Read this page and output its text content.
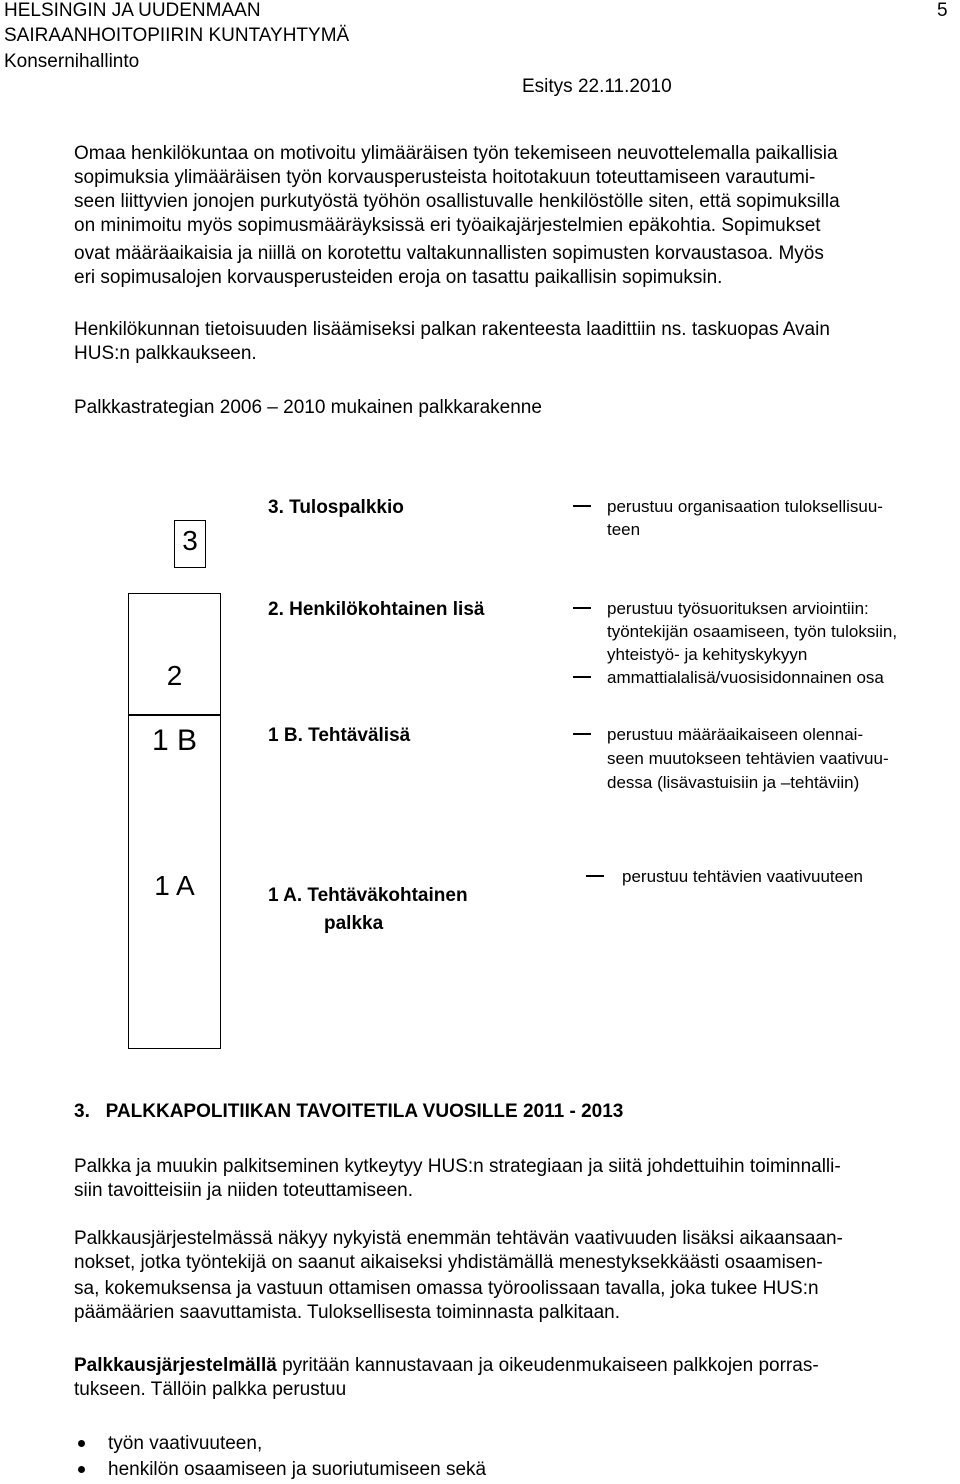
HELSINGIN JA UUDENMAAN
SAIRAANHOITOPIIRIN KUNTAYHTYMÄ
Konsernihallinto
5
Esitys 22.11.2010
Omaa henkilökuntaa on motivoitu ylimääräisen työn tekemiseen neuvottelemalla paikallisia
sopimuksia ylimääräisen työn korvausperusteista hoitotakuun toteuttamiseen varautumi-
seen liittyvien jonojen purkutyöstä työhön osallistuvalle henkilöstölle siten, että sopimuksilla
on minimoitu myös sopimusmääräyksissä eri työaikajärjestelmien epäkohtia. Sopimukset
ovat määräaikaisia ja niillä on korotettu valtakunnallisten sopimusten korvaustasoa. Myös
eri sopimusalojen korvausperusteiden eroja on tasattu paikallisin sopimuksin.
Henkilökunnan tietoisuuden lisäämiseksi palkan rakenteesta laadittiin ns. taskuopas Avain
HUS:n palkkaukseen.
Palkkastrategian 2006 – 2010 mukainen palkkarakenne
3
2
1 B
1 A
3. Tulospalkkio	perustuu organisaation tuloksellisuu-
teen
2. Henkilökohtainen lisä	perustuu työsuorituksen arviointiin:
työntekijän osaamiseen, työn tuloksiin,
yhteistyö- ja kehityskykyyn
ammattialalisä/vuosisidonnainen osa
1 B. Tehtävälisä	perustuu määräaikaiseen olennai-
seen muutokseen tehtävien vaativuu-
dessa (lisävastuisiin ja –tehtäviin)
1 A. Tehtäväkohtainen
palkka
perustuu tehtävien vaativuuteen
3.   PALKKAPOLITIIKAN TAVOITETILA VUOSILLE 2011 - 2013
Palkka ja muukin palkitseminen kytkeytyy HUS:n strategiaan ja siitä johdettuihin toiminnalli-
siin tavoitteisiin ja niiden toteuttamiseen.
Palkkausjärjestelmässä näkyy nykyistä enemmän tehtävän vaativuuden lisäksi aikaansaan-
nokset, jotka työntekijä on saanut aikaiseksi yhdistämällä menestyksekkäästi osaamisen-
sa, kokemuksensa ja vastuun ottamisen omassa työroolissaan tavalla, joka tukee HUS:n
päämäärien saavuttamista. Tuloksellisesta toiminnasta palkitaan.
Palkkausjärjestelmällä pyritään kannustavaan ja oikeudenmukaiseen palkkojen porras-
tukseen. Tällöin palkka perustuu
työn vaativuuteen,
henkilön osaamiseen ja suoriutumiseen sekä
